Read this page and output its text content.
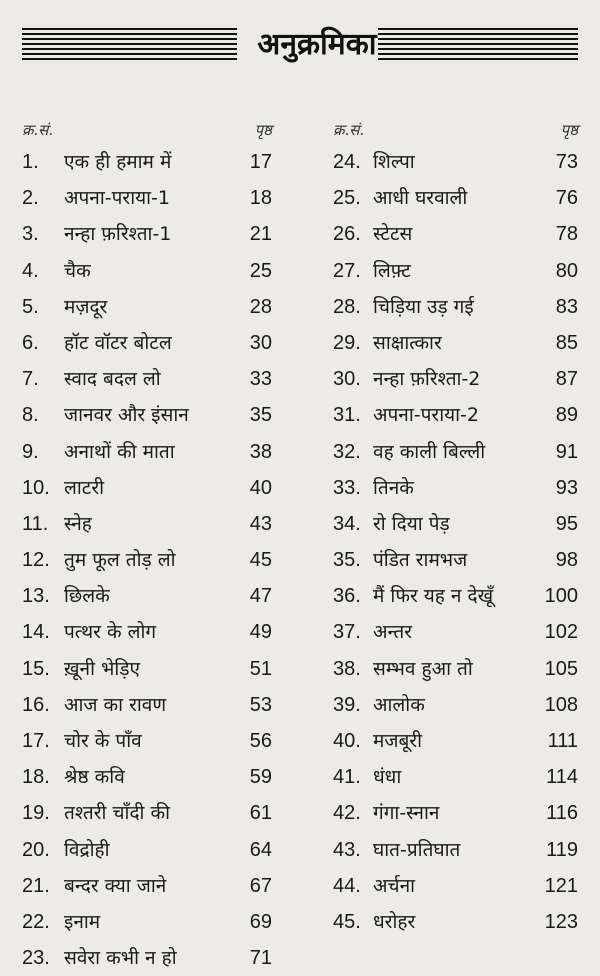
अनुक्रमिका
क्र.सं.	पृष्ठ
1. एक ही हमाम में	17
2. अपना-पराया-1	18
3. नन्हा फ़रिश्ता-1	21
4. चैक	25
5. मज़दूर	28
6. हॉट वॉटर बोटल	30
7. स्वाद बदल लो	33
8. जानवर और इंसान	35
9. अनाथों की माता	38
10. लाटरी	40
11. स्नेह	43
12. तुम फूल तोड़ लो	45
13. छिलके	47
14. पत्थर के लोग	49
15. ख़ूनी भेड़िए	51
16. आज का रावण	53
17. चोर के पाँव	56
18. श्रेष्ठ कवि	59
19. तश्तरी चाँदी की	61
20. विद्रोही	64
21. बन्दर क्या जाने	67
22. इनाम	69
23. सवेरा कभी न हो	71
क्र.सं.	पृष्ठ
24. शिल्पा	73
25. आधी घरवाली	76
26. स्टेटस	78
27. लिफ़्ट	80
28. चिड़िया उड़ गई	83
29. साक्षात्कार	85
30. नन्हा फ़रिश्ता-2	87
31. अपना-पराया-2	89
32. वह काली बिल्ली	91
33. तिनके	93
34. रो दिया पेड़	95
35. पंडित रामभज	98
36. मैं फिर यह न देखूँ	100
37. अन्तर	102
38. सम्भव हुआ तो	105
39. आलोक	108
40. मजबूरी	111
41. धंधा	114
42. गंगा-स्नान	116
43. घात-प्रतिघात	119
44. अर्चना	121
45. धरोहर	123
